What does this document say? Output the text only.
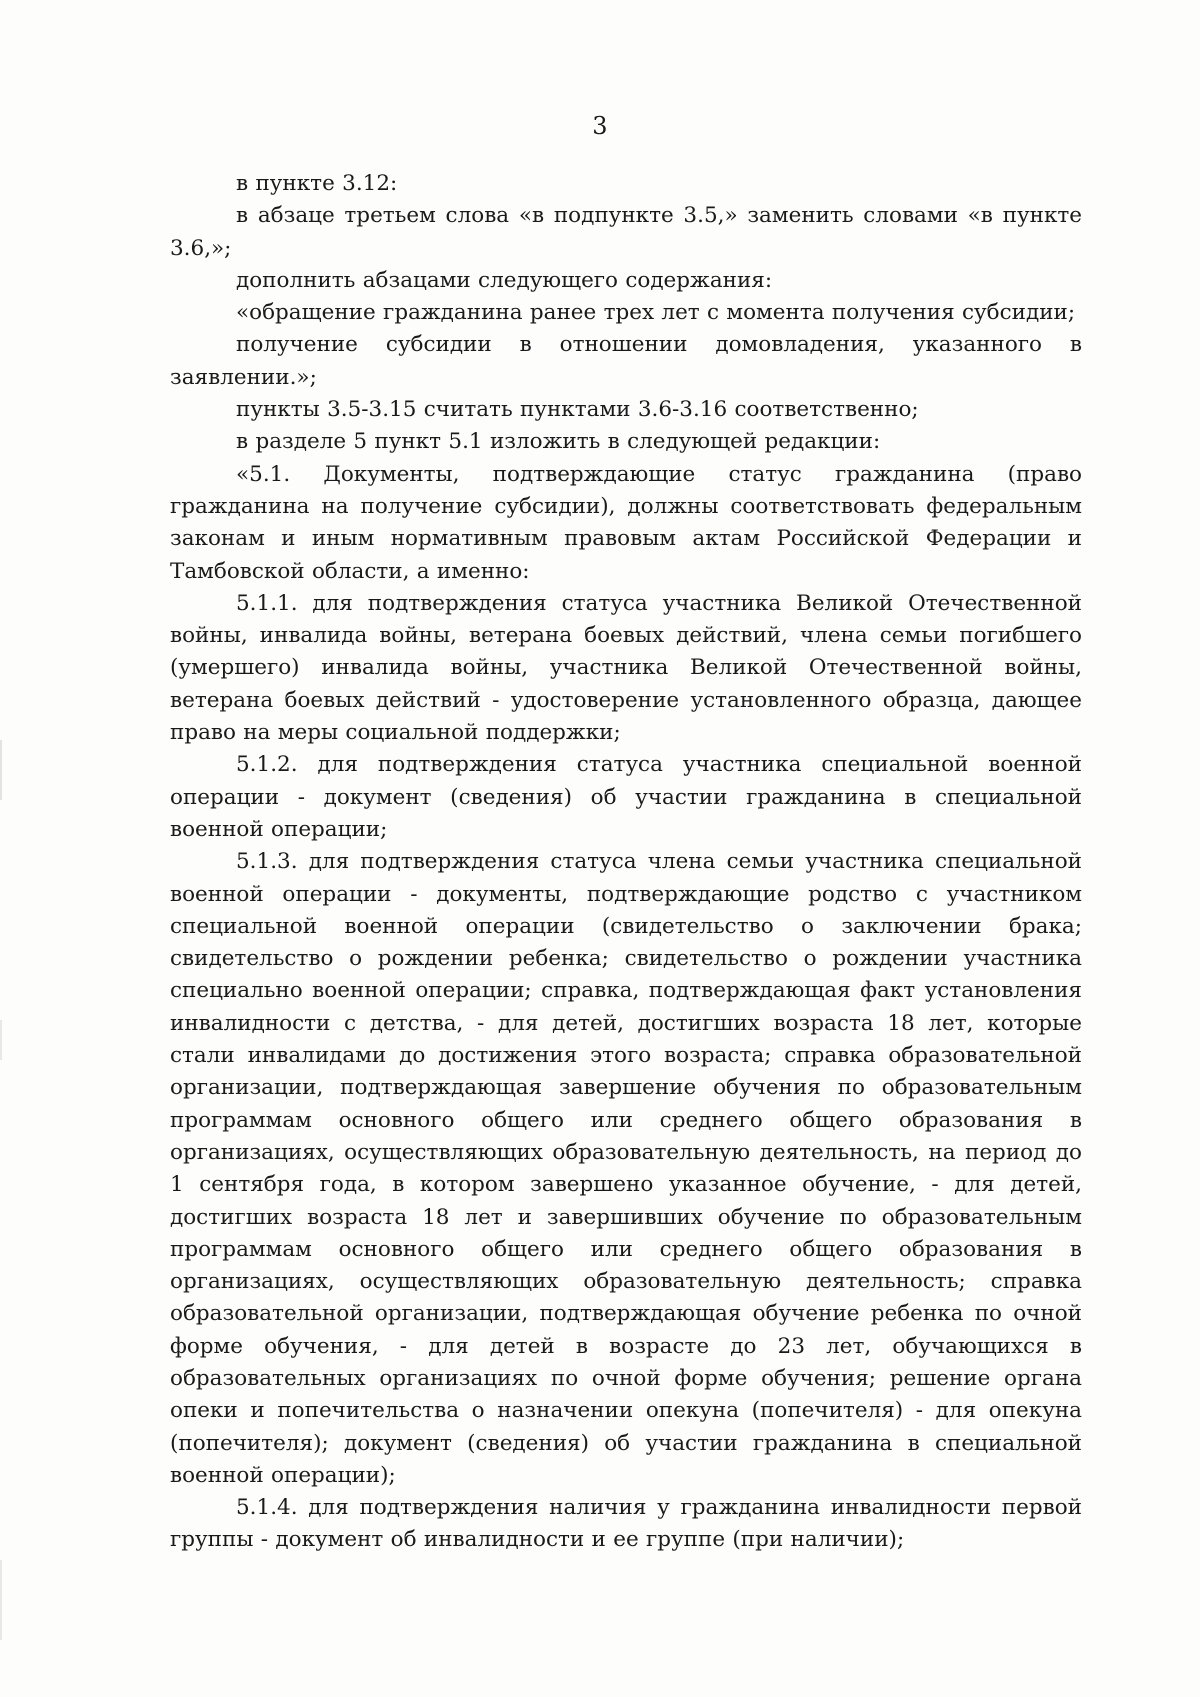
3

в пункте 3.12:

в абзаце третьем слова «в подпункте 3.5,» заменить словами «в пункте 3.6,»;

дополнить абзацами следующего содержания:

«обращение гражданина ранее трех лет с момента получения субсидии;

получение субсидии в отношении домовладения, указанного в заявлении.»;

пункты 3.5-3.15 считать пунктами 3.6-3.16 соответственно;

в разделе 5 пункт 5.1 изложить в следующей редакции:

«5.1. Документы, подтверждающие статус гражданина (право гражданина на получение субсидии), должны соответствовать федеральным законам и иным нормативным правовым актам Российской Федерации и Тамбовской области, а именно:

5.1.1. для подтверждения статуса участника Великой Отечественной войны, инвалида войны, ветерана боевых действий, члена семьи погибшего (умершего) инвалида войны, участника Великой Отечественной войны, ветерана боевых действий - удостоверение установленного образца, дающее право на меры социальной поддержки;

5.1.2. для подтверждения статуса участника специальной военной операции - документ (сведения) об участии гражданина в специальной военной операции;

5.1.3. для подтверждения статуса члена семьи участника специальной военной операции - документы, подтверждающие родство с участником специальной военной операции (свидетельство о заключении брака; свидетельство о рождении ребенка; свидетельство о рождении участника специально военной операции; справка, подтверждающая факт установления инвалидности с детства, - для детей, достигших возраста 18 лет, которые стали инвалидами до достижения этого возраста; справка образовательной организации, подтверждающая завершение обучения по образовательным программам основного общего или среднего общего образования в организациях, осуществляющих образовательную деятельность, на период до 1 сентября года, в котором завершено указанное обучение, - для детей, достигших возраста 18 лет и завершивших обучение по образовательным программам основного общего или среднего общего образования в организациях, осуществляющих образовательную деятельность; справка образовательной организации, подтверждающая обучение ребенка по очной форме обучения, - для детей в возрасте до 23 лет, обучающихся в образовательных организациях по очной форме обучения; решение органа опеки и попечительства о назначении опекуна (попечителя) - для опекуна (попечителя); документ (сведения) об участии гражданина в специальной военной операции);

5.1.4. для подтверждения наличия у гражданина инвалидности первой группы - документ об инвалидности и ее группе (при наличии);
